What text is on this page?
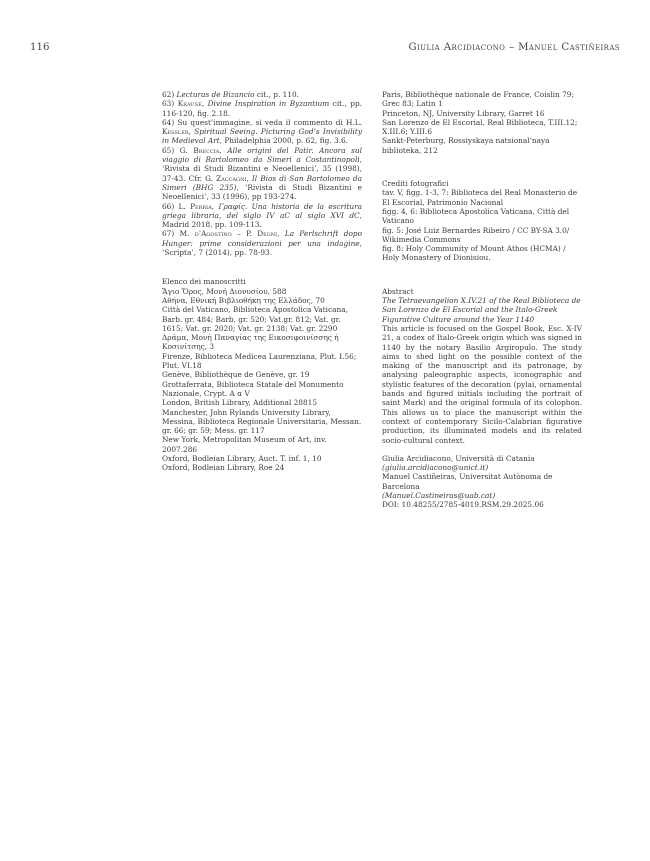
116	Giulia Arcidiacono – Manuel Castiñeiras

62) Lecturas de Bizancio cit., p. 110.

63) Krause, Divine Inspiration in Byzantium cit., pp. 116-120, fig. 2.18.

64) Su quest’immagine, si veda il commento di H.L. Kessler, Spiritual Seeing. Picturing God’s Invisibility in Medieval Art, Philadelphia 2000, p. 62, fig. 3.6.

65) G. Breccia, Alle origini del Patir. Ancora sul viaggio di Bartolomeo da Simeri a Costantinopoli, ‘Rivista di Studi Bizantini e Neoellenici’, 35 (1998), 37-43. Cfr. G. Zaccagni, Il Bios di San Bartolomeo da Simeri (BHG 235), ‘Rivista di Studi Bizantini e Neoellenici’, 33 (1996), pp 193-274.

66) L. Perria, Γραφίς. Una historia de la escritura griega libraria, del siglo IV aC al siglo XVI dC, Madrid 2018, pp. 109-113.

67) M. d’Agostino – P. Degni, La Perlschrift dopo Hunger: prime considerazioni per una indagine, ‘Scripta’, 7 (2014), pp. 78-93.

Elenco dei manoscritti

Ἅγιο Ὅρος, Μονή Διονυσίου, 588

Αθήνα, Εθνική Βιβλιοθήκη της Ελλάδος, 70

Città del Vaticano, Biblioteca Apostolica Vaticana, Barb. gr. 484; Barb. gr. 520; Vat.gr. 812; Vat. gr. 1615; Vat. gr. 2020; Vat. gr. 2138; Vat. gr. 2290

Δράμα, Μονή Παναγίας της Εικοσιφοινίσσης ή Κοσινίτσης, 3

Firenze, Biblioteca Medicea Laurenziana, Plut. I.56; Plut. VI.18

Genève, Bibliothèque de Genève, gr. 19

Grottaferrata, Biblioteca Statale del Monumento Nazionale, Crypt. A α V

London, British Library, Additional 28815

Manchester, John Rylands University Library, Messina, Biblioteca Regionale Universitaria, Messan. gr. 66; gr. 59; Mess. gr. 117

New York, Metropolitan Museum of Art, inv. 2007.286

Oxford, Bodleian Library, Auct. T. inf. 1, 10

Oxford, Bodleian Library, Roe 24

Paris, Bibliothèque nationale de France, Coislin 79; Grec 83; Latin 1

Princeton, NJ, University Library, Garret 16

San Lorenzo de El Escorial, Real Biblioteca, T.III.12; X.III.6; Y.III.6

Sankt-Peterburg, Rossiyskaya natsional’naya biblioteka, 212

Crediti fotografici

tav. V, figg. 1-3, 7: Biblioteca del Real Monasterio de El Escorial, Patrimonio Nacional

figg. 4, 6: Biblioteca Apostolica Vaticana, Città del Vaticano

fig. 5: José Luiz Bernardes Ribeiro / CC BY-SA 3.0/ Wikimedia Commons

fig. 8: Holy Community of Mount Athos (HCMA) / Holy Monastery of Dionisiou.

Abstract

The Tetraevangelion X.IV.21 of the Real Biblioteca de San Lorenzo de El Escorial and the Italo-Greek Figurative Culture around the Year 1140

This article is focused on the Gospel Book, Esc. X-IV 21, a codex of Italo-Greek origin which was signed in 1140 by the notary Basilio Argiropulo. The study aims to shed light on the possible context of the making of the manuscript and its patronage, by analysing paleographic aspects, iconographic and stylistic features of the decoration (pylai, ornamental bands and figured initials including the portrait of saint Mark) and the original formula of its colophon. This allows us to place the manuscript within the context of contemporary Sicilo-Calabrian figurative production, its illuminated models and its related socio-cultural context.

Giulia Arcidiacono, Università di Catania

(giulia.arcidiacono@unict.it)

Manuel Castiñeiras, Universitat Autònoma de Barcelona

(Manuel.Castineiras@uab.cat)

DOI: 10.48255/2785-4019.RSM.29.2025.06
